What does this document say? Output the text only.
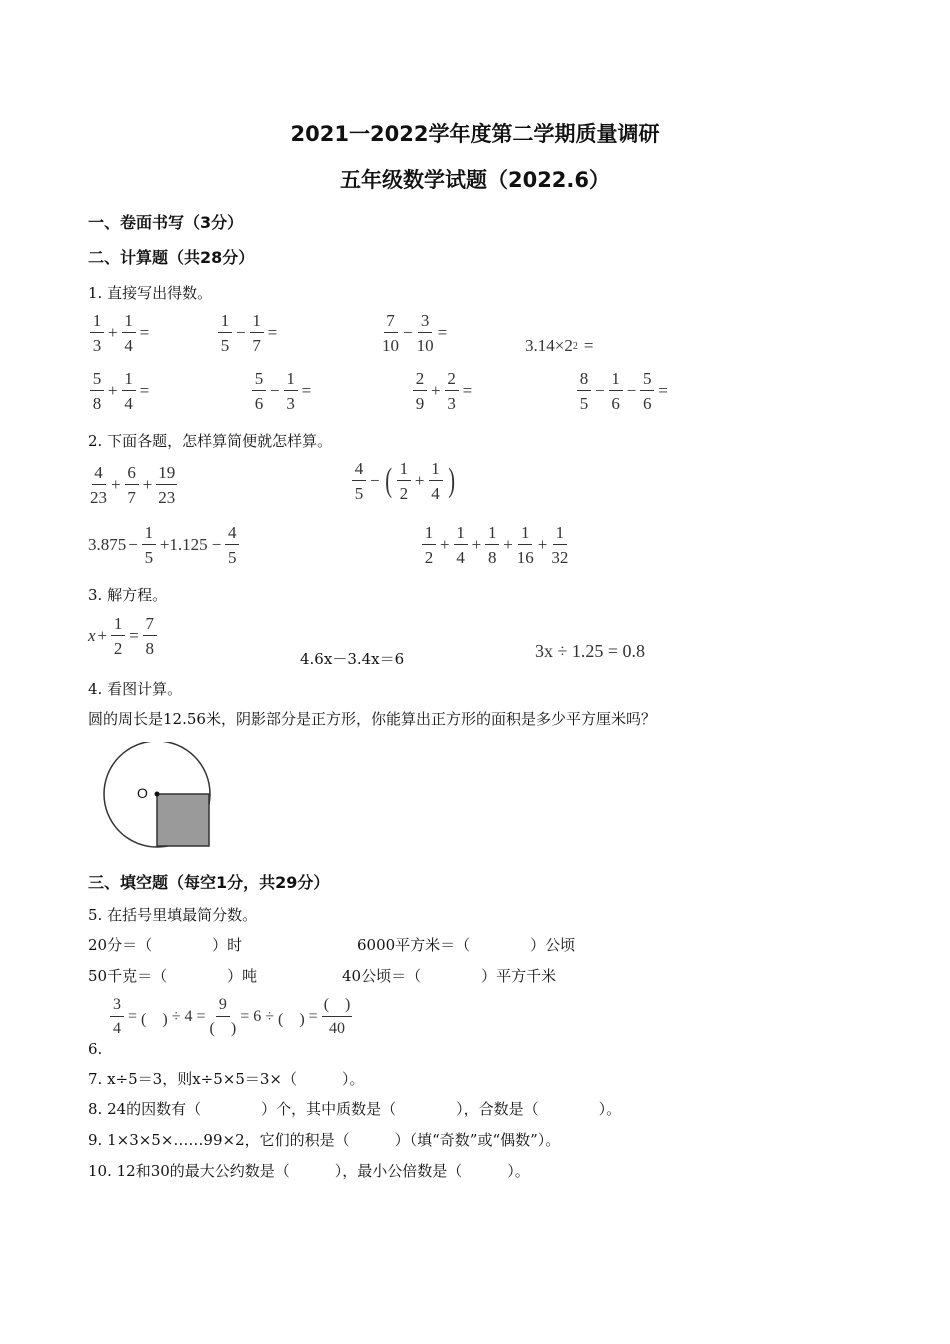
2021一2022学年度第二学期质量调研
五年级数学试题（2022.6）
一、卷面书写（3分）
二、计算题（共28分）
1. 直接写出得数。
$\frac{1}{3} + \frac{1}{4}$ =	$\frac{1}{5} - \frac{1}{7}$ =	$\frac{7}{10} - \frac{3}{10}$ =
3.14×2 2 =
$\frac{5}{8} + \frac{1}{4}$ =	$\frac{5}{6} - \frac{1}{3}$ =	$\frac{2}{9} + \frac{2}{3}$ =	$\frac{8}{5} - \frac{1}{6} - \frac{5}{6}$ =
2. 下面各题，怎样算简便就怎样算。
$\frac{4}{23} + \frac{6}{7} + \frac{19}{23}$	$\frac{4}{5}$ − ( $\frac{1}{2} + \frac{1}{4}$ )
$3.875 - \frac{1}{5} +1.125 - \frac{4}{5}$	$\frac{1}{2} + \frac{1}{4} + \frac{1}{8} + \frac{1}{16} + \frac{1}{32}$
3. 解方程。
$x + \frac{1}{2} = \frac{7}{8}$
4.6x－3.4x＝6	3x ÷ 1.25 = 0.8
4. 看图计算。
圆的周长是12.56米，阴影部分是正方形，你能算出正方形的面积是多少平方厘米吗？
O
三、填空题（每空1分，共29分）
5. 在括号里填最简分数。
20分＝（　　　　）时	6000平方米＝（　　　　）公顷
50千克＝（　　　　）吨	40公顷＝（　　　　）平方千米
$\frac{3}{4}$ = (　) ÷ $4 = \frac{9}{( )} = 6$ ÷ (　) = $\frac{( )}{40}$
6.
7. x÷5＝3，则x÷5×5＝3×（　　　）。
8. 24的因数有（　　　　）个，其中质数是（　　　　），合数是（　　　　）。
9. 1×3×5×……99×2，它们的积是（　　　）（填“奇数”或“偶数”）。
10. 12和30的最大公约数是（　　　），最小公倍数是（　　　）。
